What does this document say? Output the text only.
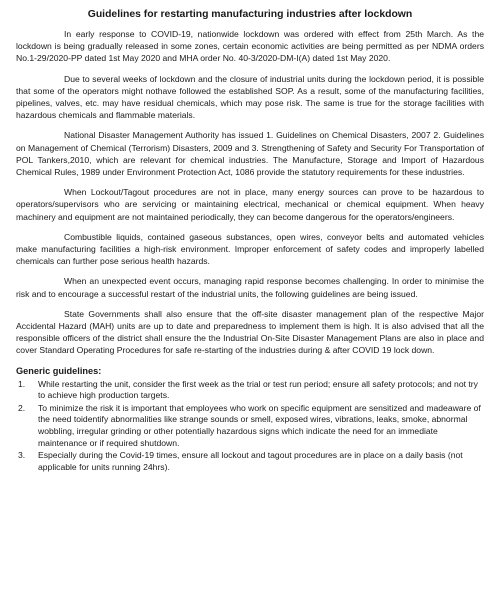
Guidelines for restarting manufacturing industries after lockdown

In early response to COVID-19, nationwide lockdown was ordered with effect from 25th March. As the lockdown is being gradually released in some zones, certain economic activities are being permitted as per NDMA orders No.1-29/2020-PP dated 1st May 2020 and MHA order No. 40-3/2020-DM-I(A) dated 1st May 2020.

Due to several weeks of lockdown and the closure of industrial units during the lockdown period, it is possible that some of the operators might nothave followed the established SOP. As a result, some of the manufacturing facilities, pipelines, valves, etc. may have residual chemicals, which may pose risk. The same is true for the storage facilities with hazardous chemicals and flammable materials.

National Disaster Management Authority has issued 1. Guidelines on Chemical Disasters, 2007 2. Guidelines on Management of Chemical (Terrorism) Disasters, 2009 and 3. Strengthening of Safety and Security For Transportation of POL Tankers,2010, which are relevant for chemical industries. The Manufacture, Storage and Import of Hazardous Chemical Rules, 1989 under Environment Protection Act, 1086 provide the statutory requirements for these industries.

When Lockout/Tagout procedures are not in place, many energy sources can prove to be hazardous to operators/supervisors who are servicing or maintaining electrical, mechanical or chemical equipment. When heavy machinery and equipment are not maintained periodically, they can become dangerous for the operators/engineers.

Combustible liquids, contained gaseous substances, open wires, conveyor belts and automated vehicles make manufacturing facilities a high-risk environment. Improper enforcement of safety codes and improperly labelled chemicals can further pose serious health hazards.

When an unexpected event occurs, managing rapid response becomes challenging. In order to minimise the risk and to encourage a successful restart of the industrial units, the following guidelines are being issued.

State Governments shall also ensure that the off-site disaster management plan of the respective Major Accidental Hazard (MAH) units are up to date and preparedness to implement them is high. It is also advised that all the responsible officers of the district shall ensure the the Industrial On-Site Disaster Management Plans are also in place and cover Standard Operating Procedures for safe re-starting of the industries during & after COVID 19 lock down.

Generic guidelines:
1.	While restarting the unit, consider the first week as the trial or test run period; ensure all safety protocols; and not try to achieve high production targets.
2.	To minimize the risk it is important that employees who work on specific equipment are sensitized and madeaware of the need toidentify abnormalities like strange sounds or smell, exposed wires, vibrations, leaks, smoke, abnormal wobbling, irregular grinding or other potentially hazardous signs which indicate the need for an immediate maintenance or if required shutdown.
3.	Especially during the Covid-19 times, ensure all lockout and tagout procedures are in place on a daily basis (not applicable for units running 24hrs).
